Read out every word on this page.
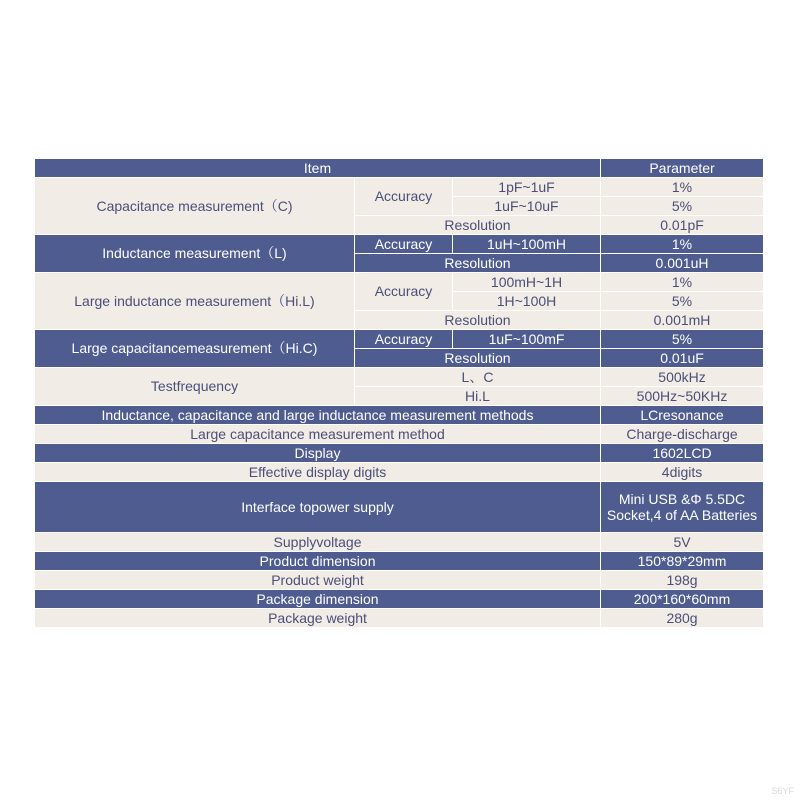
Item			Parameter
Capacitance measurement（C)	Accuracy	1pF~1uF	1%
		1uF~10uF	5%
	Resolution		0.01pF
Inductance measurement（L)	Accuracy	1uH~100mH	1%
	Resolution		0.001uH
Large inductance measurement（Hi.L)	Accuracy	100mH~1H	1%
		1H~100H	5%
	Resolution		0.001mH
Large capacitancemeasurement（Hi.C)	Accuracy	1uF~100mF	5%
	Resolution		0.01uF
Testfrequency	L、C		500kHz
	Hi.L		500Hz~50KHz
Inductance, capacitance and large inductance measurement methods			LCresonance
Large capacitance measurement method			Charge-discharge
Display			1602LCD
Effective display digits			4digits
Interface topower supply			Mini USB &Φ 5.5DC Socket,4 of AA Batteries
Supplyvoltage			5V
Product dimension			150*89*29mm
Product weight			198g
Package dimension			200*160*60mm
Package weight			280g
S6YF
